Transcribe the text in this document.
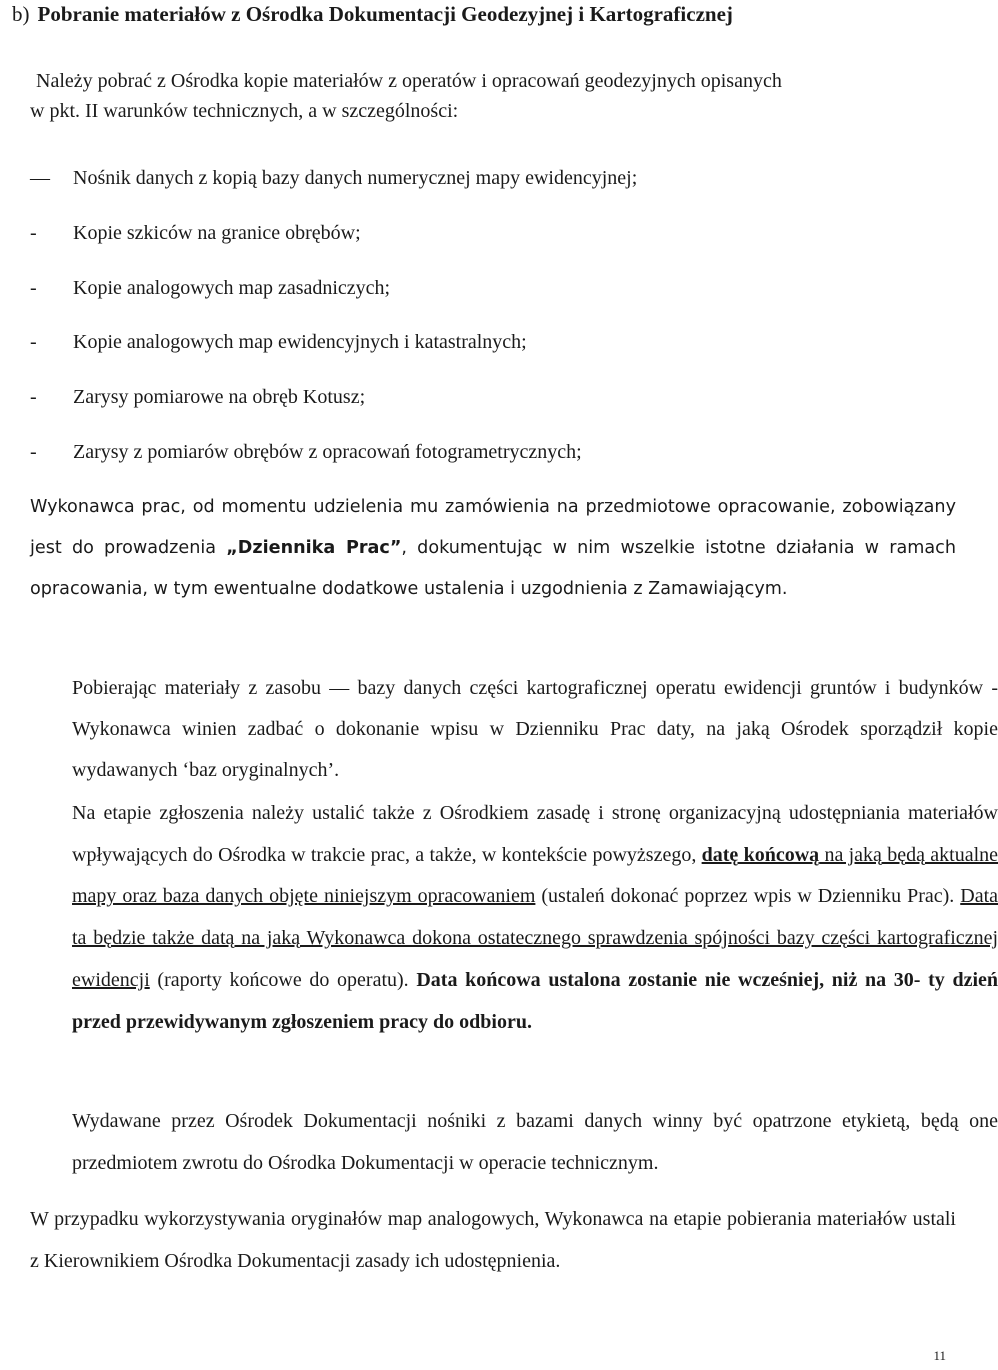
b) Pobranie materiałów z Ośrodka Dokumentacji Geodezyjnej i Kartograficznej
Należy pobrać z Ośrodka kopie materiałów z operatów i opracowań geodezyjnych opisanych
w pkt. II warunków technicznych, a w szczególności:
—	Nośnik danych z kopią bazy danych numerycznej mapy ewidencyjnej;
-	Kopie szkiców na granice obrębów;
-	Kopie analogowych map zasadniczych;
-	Kopie analogowych map ewidencyjnych i katastralnych;
-	Zarysy pomiarowe na obręb Kotusz;
-	Zarysy z pomiarów obrębów z opracowań fotogrametrycznych;
Wykonawca prac, od momentu udzielenia mu zamówienia na przedmiotowe opracowanie, zobowiązany jest do prowadzenia „Dziennika Prac”, dokumentując w nim wszelkie istotne działania w ramach opracowania, w tym ewentualne dodatkowe ustalenia i uzgodnienia z Zamawiającym.
Pobierając materiały z zasobu — bazy danych części kartograficznej operatu ewidencji gruntów i budynków - Wykonawca winien zadbać o dokonanie wpisu w Dzienniku Prac daty, na jaką Ośrodek sporządził kopie wydawanych ‘baz oryginalnych’.
Na etapie zgłoszenia należy ustalić także z Ośrodkiem zasadę i stronę organizacyjną udostępniania materiałów wpływających do Ośrodka w trakcie prac, a także, w kontekście powyższego, datę końcową na jaką będą aktualne mapy oraz baza danych objęte niniejszym opracowaniem (ustaleń dokonać poprzez wpis w Dzienniku Prac). Data ta będzie także datą na jaką Wykonawca dokona ostatecznego sprawdzenia spójności bazy części kartograficznej ewidencji (raporty końcowe do operatu). Data końcowa ustalona zostanie nie wcześniej, niż na 30- ty dzień przed przewidywanym zgłoszeniem pracy do odbioru.
Wydawane przez Ośrodek Dokumentacji nośniki z bazami danych winny być opatrzone etykietą, będą one przedmiotem zwrotu do Ośrodka Dokumentacji w operacie technicznym.
W przypadku wykorzystywania oryginałów map analogowych, Wykonawca na etapie pobierania materiałów ustali z Kierownikiem Ośrodka Dokumentacji zasady ich udostępnienia.
11
